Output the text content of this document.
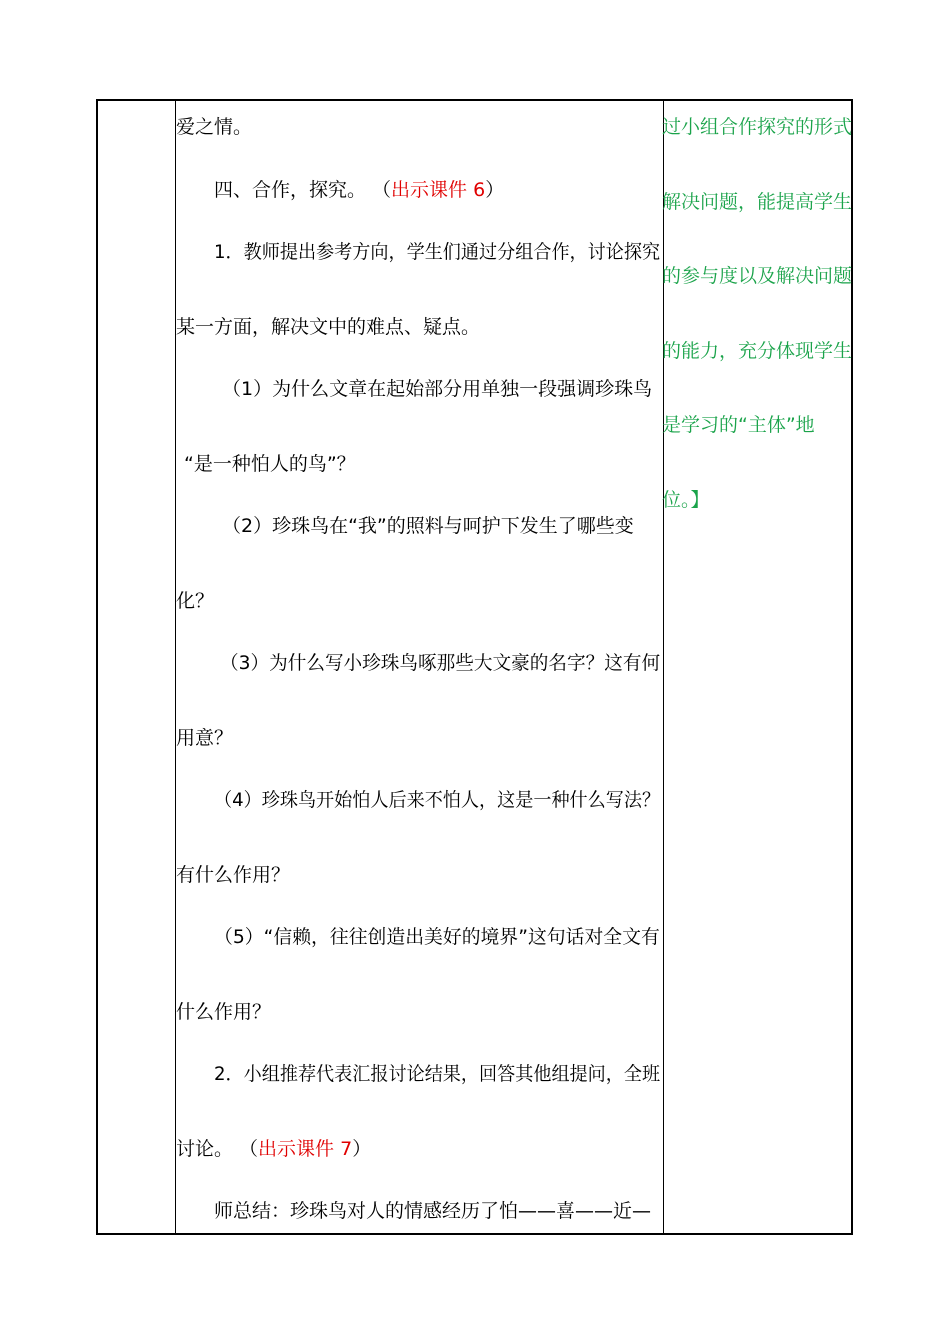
爱之情。
四、合作，探究。 （出示课件 6）
1．教师提出参考方向，学生们通过分组合作，讨论探究
某一方面，解决文中的难点、疑点。
（1）为什么文章在起始部分用单独一段强调珍珠鸟
“是一种怕人的鸟”？
（2）珍珠鸟在“我”的照料与呵护下发生了哪些变
化？
（3）为什么写小珍珠鸟啄那些大文豪的名字？这有何
用意？
（4）珍珠鸟开始怕人后来不怕人，这是一种什么写法？
有什么作用？
（5）“信赖，往往创造出美好的境界”这句话对全文有
什么作用？
2．小组推荐代表汇报讨论结果，回答其他组提问，全班
讨论。 （出示课件 7）
师总结：珍珠鸟对人的情感经历了怕——喜——近—
过小组合作探究的形式
解决问题，能提高学生
的参与度以及解决问题
的能力，充分体现学生
是学习的“主体”地
位。】
